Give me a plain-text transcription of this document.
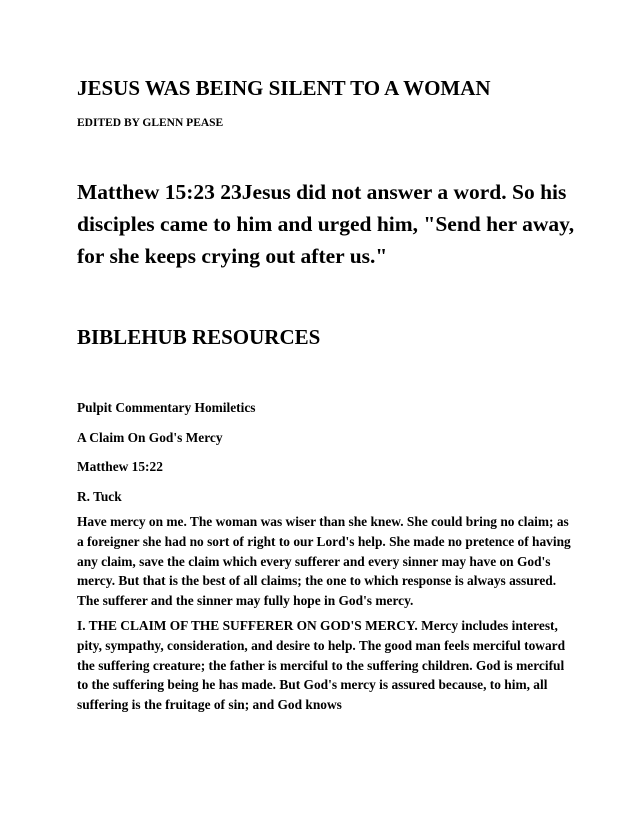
JESUS WAS BEING SILENT TO A WOMAN
EDITED BY GLENN PEASE

Matthew 15:23 23Jesus did not answer a word. So his disciples came to him and urged him, "Send her away, for she keeps crying out after us."

BIBLEHUB RESOURCES

Pulpit Commentary Homiletics

A Claim On God's Mercy

Matthew 15:22

R. Tuck

Have mercy on me. The woman was wiser than she knew. She could bring no claim; as a foreigner she had no sort of right to our Lord's help. She made no pretence of having any claim, save the claim which every sufferer and every sinner may have on God's mercy. But that is the best of all claims; the one to which response is always assured. The sufferer and the sinner may fully hope in God's mercy.

I. THE CLAIM OF THE SUFFERER ON GOD'S MERCY. Mercy includes interest, pity, sympathy, consideration, and desire to help. The good man feels merciful toward the suffering creature; the father is merciful to the suffering children. God is merciful to the suffering being he has made. But God's mercy is assured because, to him, all suffering is the fruitage of sin; and God knows
